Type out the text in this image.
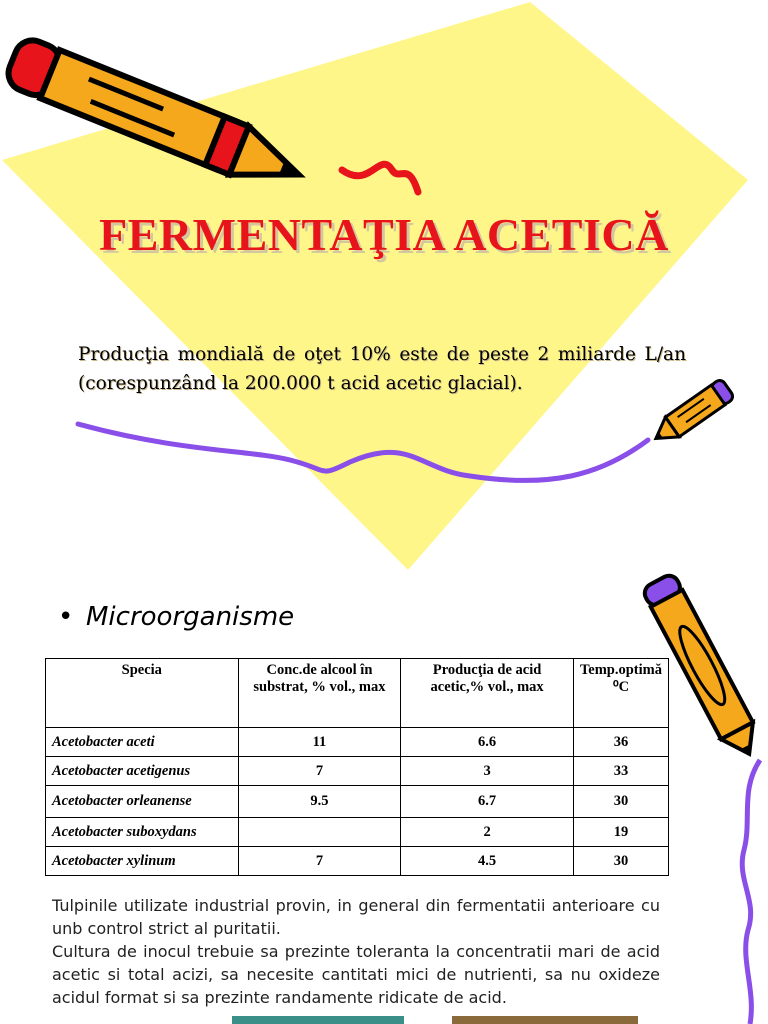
FERMENTAŢIA ACETICĂ
Producţia mondială de oţet 10% este de peste 2 miliarde L/an (corespunzând la 200.000 t acid acetic glacial).
• Microorganisme
Specia	Conc.de alcool în substrat, % vol., max	Producţia de acid acetic,% vol., max	Temp.optimă ⁰C
Acetobacter aceti	11	6.6	36
Acetobacter acetigenus	7	3	33
Acetobacter orleanense	9.5	6.7	30
Acetobacter suboxydans		2	19
Acetobacter xylinum	7	4.5	30

Tulpinile utilizate industrial provin, in general din fermentatii anterioare cu unb control strict al puritatii.

Cultura de inocul trebuie sa prezinte toleranta la concentratii mari de acid acetic si total acizi, sa necesite cantitati mici de nutrienti, sa nu oxideze acidul format si sa prezinte randamente ridicate de acid.
